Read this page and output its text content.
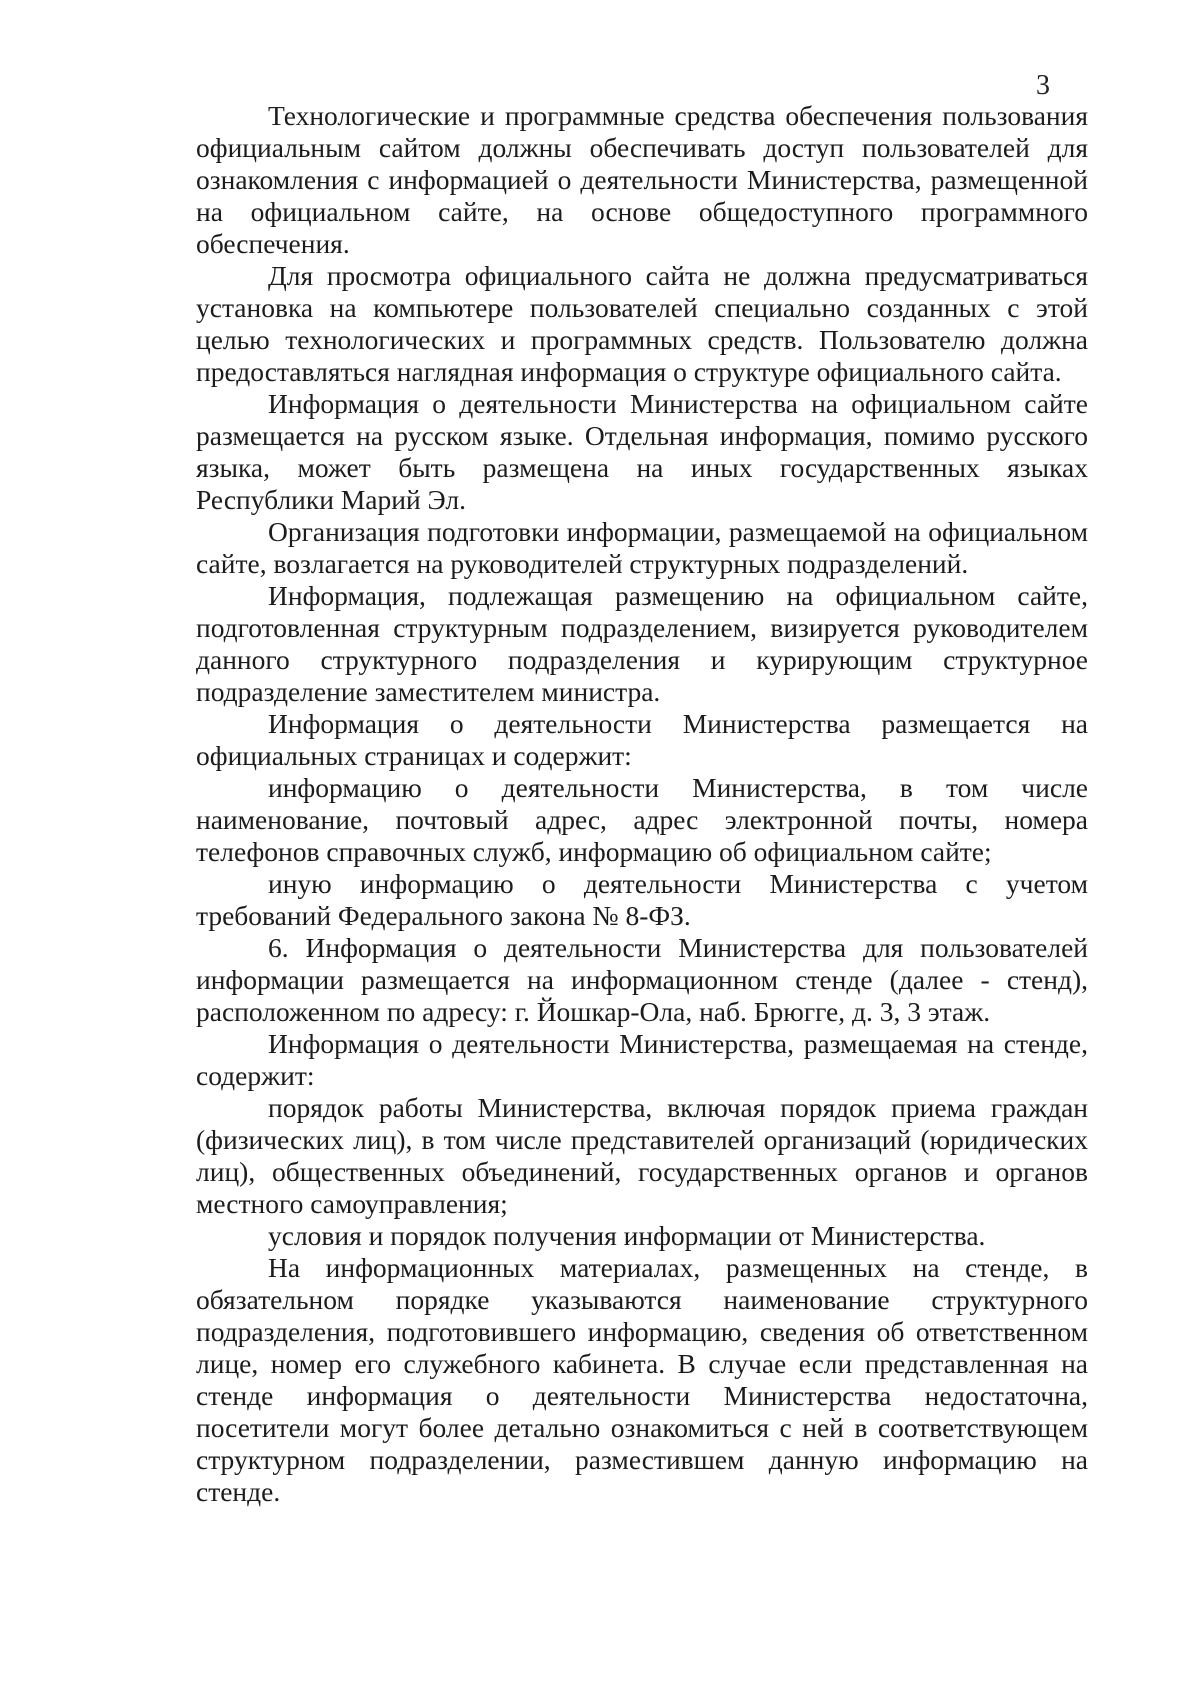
3

Технологические и программные средства обеспечения пользования официальным сайтом должны обеспечивать доступ пользователей для ознакомления с информацией о деятельности Министерства, размещенной на официальном сайте, на основе общедоступного программного обеспечения.

Для просмотра официального сайта не должна предусматриваться установка на компьютере пользователей специально созданных с этой целью технологических и программных средств. Пользователю должна предоставляться наглядная информация о структуре официального сайта.

Информация о деятельности Министерства на официальном сайте размещается на русском языке. Отдельная информация, помимо русского языка, может быть размещена на иных государственных языках Республики Марий Эл.

Организация подготовки информации, размещаемой на официальном сайте, возлагается на руководителей структурных подразделений.

Информация, подлежащая размещению на официальном сайте, подготовленная структурным подразделением, визируется руководителем данного структурного подразделения и курирующим структурное подразделение заместителем министра.

Информация о деятельности Министерства размещается на официальных страницах и содержит:

информацию о деятельности Министерства, в том числе наименование, почтовый адрес, адрес электронной почты, номера телефонов справочных служб, информацию об официальном сайте;

иную информацию о деятельности Министерства с учетом требований Федерального закона № 8-ФЗ.

6. Информация о деятельности Министерства для пользователей информации размещается на информационном стенде (далее - стенд), расположенном по адресу: г. Йошкар-Ола, наб. Брюгге, д. 3, 3 этаж.

Информация о деятельности Министерства, размещаемая на стенде, содержит:

порядок работы Министерства, включая порядок приема граждан (физических лиц), в том числе представителей организаций (юридических лиц), общественных объединений, государственных органов и органов местного самоуправления;

условия и порядок получения информации от Министерства.

На информационных материалах, размещенных на стенде, в обязательном порядке указываются наименование структурного подразделения, подготовившего информацию, сведения об ответственном лице, номер его служебного кабинета. В случае если представленная на стенде информация о деятельности Министерства недостаточна, посетители могут более детально ознакомиться с ней в соответствующем структурном подразделении, разместившем данную информацию на стенде.
